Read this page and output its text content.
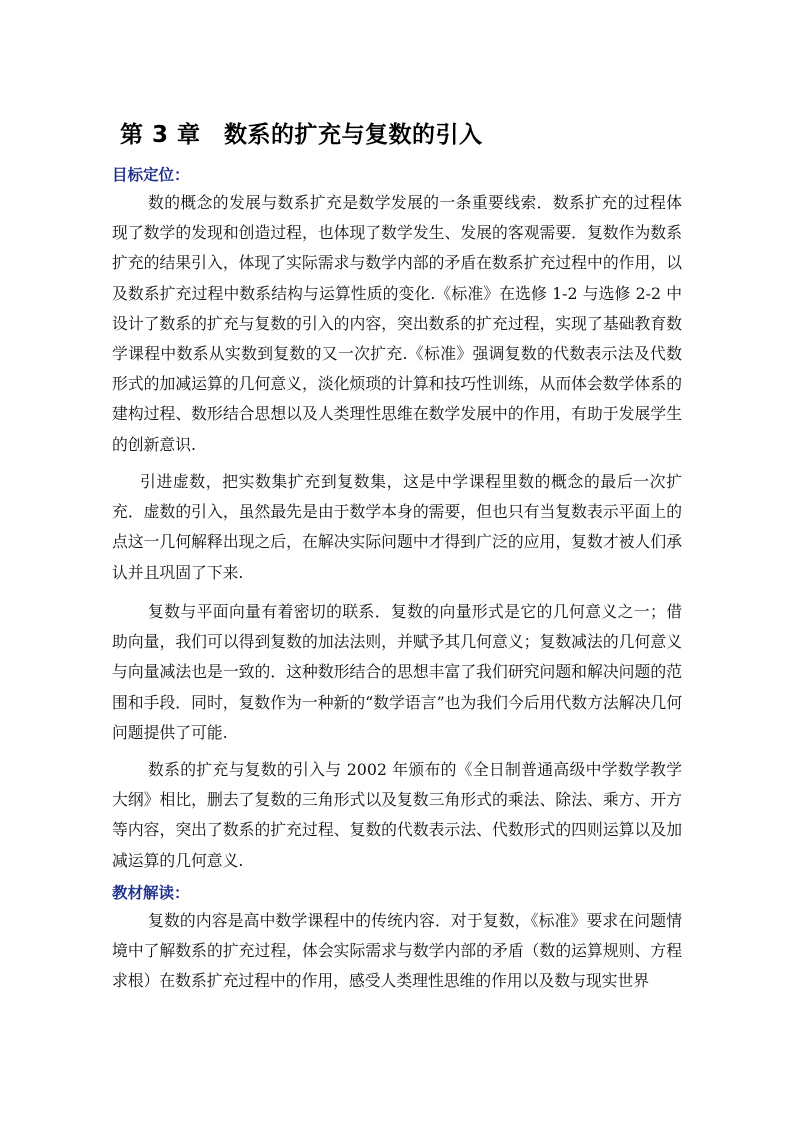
第 3 章　数系的扩充与复数的引入
目标定位：

数的概念的发展与数系扩充是数学发展的一条重要线索．数系扩充的过程体现了数学的发现和创造过程，也体现了数学发生、发展的客观需要．复数作为数系扩充的结果引入，体现了实际需求与数学内部的矛盾在数系扩充过程中的作用，以及数系扩充过程中数系结构与运算性质的变化.《标准》在选修 1-2 与选修 2-2 中设计了数系的扩充与复数的引入的内容，突出数系的扩充过程，实现了基础教育数学课程中数系从实数到复数的又一次扩充.《标准》强调复数的代数表示法及代数形式的加减运算的几何意义，淡化烦琐的计算和技巧性训练，从而体会数学体系的建构过程、数形结合思想以及人类理性思维在数学发展中的作用，有助于发展学生的创新意识.

引进虚数，把实数集扩充到复数集，这是中学课程里数的概念的最后一次扩充．虚数的引入，虽然最先是由于数学本身的需要，但也只有当复数表示平面上的点这一几何解释出现之后，在解决实际问题中才得到广泛的应用，复数才被人们承认并且巩固了下来.

复数与平面向量有着密切的联系．复数的向量形式是它的几何意义之一；借助向量，我们可以得到复数的加法法则，并赋予其几何意义；复数减法的几何意义与向量减法也是一致的．这种数形结合的思想丰富了我们研究问题和解决问题的范围和手段．同时，复数作为一种新的“数学语言”也为我们今后用代数方法解决几何问题提供了可能.

数系的扩充与复数的引入与 2002 年颁布的《全日制普通高级中学数学教学大纲》相比，删去了复数的三角形式以及复数三角形式的乘法、除法、乘方、开方等内容，突出了数系的扩充过程、复数的代数表示法、代数形式的四则运算以及加减运算的几何意义.

教材解读：

复数的内容是高中数学课程中的传统内容．对于复数，《标准》要求在问题情境中了解数系的扩充过程，体会实际需求与数学内部的矛盾（数的运算规则、方程求根）在数系扩充过程中的作用，感受人类理性思维的作用以及数与现实世界
